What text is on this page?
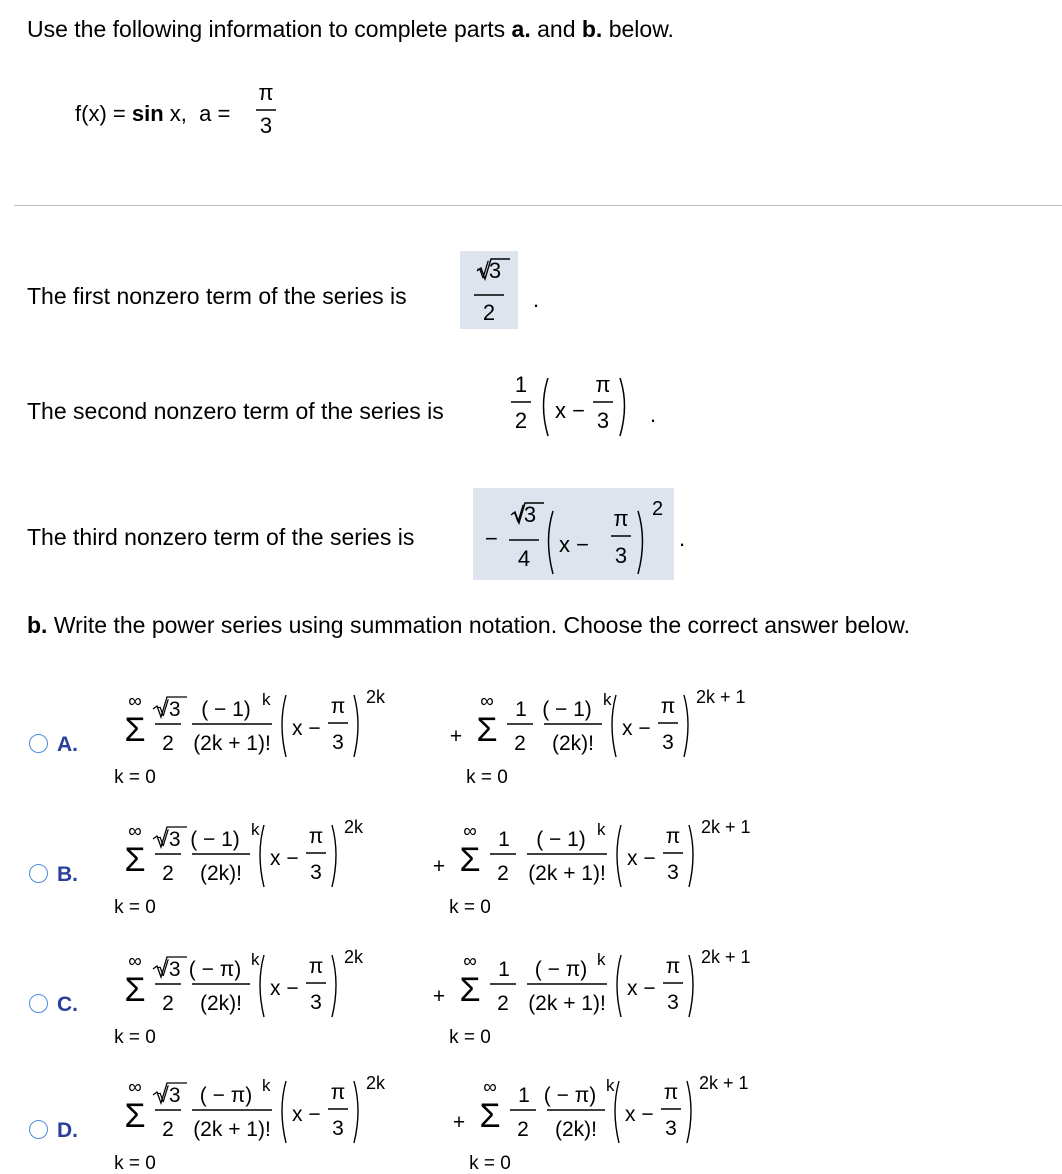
Use the following information to complete parts a. and b. below.
f(x) = sin x,  a =
π
3
The first nonzero term of the series is
√3
2
.
The second nonzero term of the series is
1
2 x −
π
3 .
The third nonzero term of the series is	−
√3
4
x −
π
3
2
.
b. Write the power series using summation notation. Choose the correct answer below.
A.
∞
Σ
k = 0
√3
2
( − 1) k
(2k + 1)!
x −
π
3
2k
+
∞
Σ
k = 0
1
2
( − 1) k
(2k)!
x −
π
3
2k + 1
B.
∞
Σ
k = 0
√3
2
( − 1) k
(2k)!
x −
π
3
2k
+
∞
Σ
k = 0
1
2
( − 1) k
(2k + 1)!
x −
π
3
2k + 1
C.
∞
Σ
k = 0
√3
2
( − π) k
(2k)!
x −
π
3
2k
+
∞
Σ
k = 0
1
2
( − π) k
(2k + 1)!
x −
π
3
2k + 1
D.
∞
Σ
k = 0
√3
2
( − π) k
(2k + 1)!
x −
π
3
2k
+
∞
Σ
k = 0
1
2
( − π) k
(2k)!
x −
π
3
2k + 1
